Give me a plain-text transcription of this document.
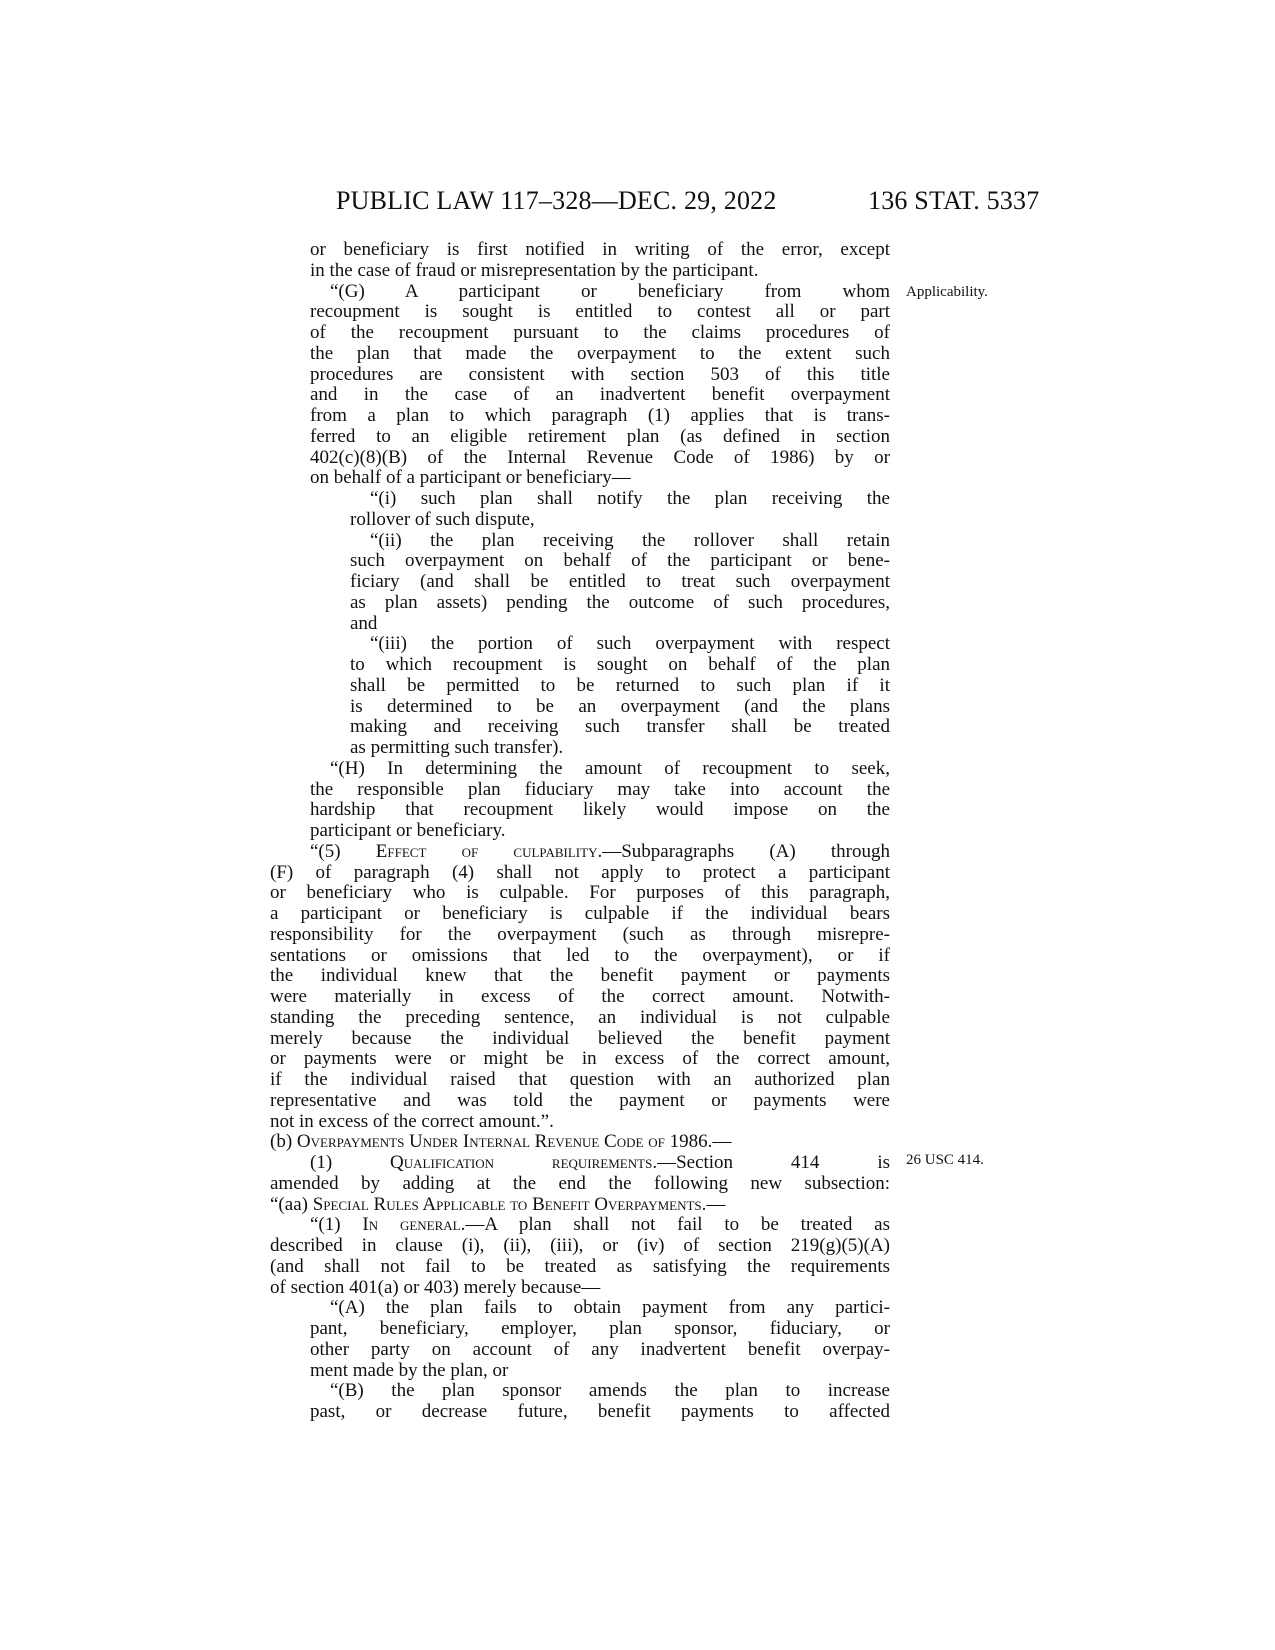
PUBLIC LAW 117–328—DEC. 29, 2022	136 STAT. 5337
Applicability.
26 USC 414.
or beneficiary is first notified in writing of the error, except
in the case of fraud or misrepresentation by the participant.
“(G) A participant or beneficiary from whom
recoupment is sought is entitled to contest all or part
of the recoupment pursuant to the claims procedures of
the plan that made the overpayment to the extent such
procedures are consistent with section 503 of this title
and in the case of an inadvertent benefit overpayment
from a plan to which paragraph (1) applies that is trans-
ferred to an eligible retirement plan (as defined in section
402(c)(8)(B) of the Internal Revenue Code of 1986) by or
on behalf of a participant or beneficiary—
“(i) such plan shall notify the plan receiving the
rollover of such dispute,
“(ii) the plan receiving the rollover shall retain
such overpayment on behalf of the participant or bene-
ficiary (and shall be entitled to treat such overpayment
as plan assets) pending the outcome of such procedures,
and
“(iii) the portion of such overpayment with respect
to which recoupment is sought on behalf of the plan
shall be permitted to be returned to such plan if it
is determined to be an overpayment (and the plans
making and receiving such transfer shall be treated
as permitting such transfer).
“(H) In determining the amount of recoupment to seek,
the responsible plan fiduciary may take into account the
hardship that recoupment likely would impose on the
participant or beneficiary.
“(5) Effect of culpability.—Subparagraphs (A) through
(F) of paragraph (4) shall not apply to protect a participant
or beneficiary who is culpable. For purposes of this paragraph,
a participant or beneficiary is culpable if the individual bears
responsibility for the overpayment (such as through misrepre-
sentations or omissions that led to the overpayment), or if
the individual knew that the benefit payment or payments
were materially in excess of the correct amount. Notwith-
standing the preceding sentence, an individual is not culpable
merely because the individual believed the benefit payment
or payments were or might be in excess of the correct amount,
if the individual raised that question with an authorized plan
representative and was told the payment or payments were
not in excess of the correct amount.”.
(b) Overpayments Under Internal Revenue Code of 1986.—
(1) Qualification requirements.—Section 414 is
amended by adding at the end the following new subsection:
“(aa) Special Rules Applicable to Benefit Overpayments.—
“(1) In general.—A plan shall not fail to be treated as
described in clause (i), (ii), (iii), or (iv) of section 219(g)(5)(A)
(and shall not fail to be treated as satisfying the requirements
of section 401(a) or 403) merely because—
“(A) the plan fails to obtain payment from any partici-
pant, beneficiary, employer, plan sponsor, fiduciary, or
other party on account of any inadvertent benefit overpay-
ment made by the plan, or
“(B) the plan sponsor amends the plan to increase
past, or decrease future, benefit payments to affected
